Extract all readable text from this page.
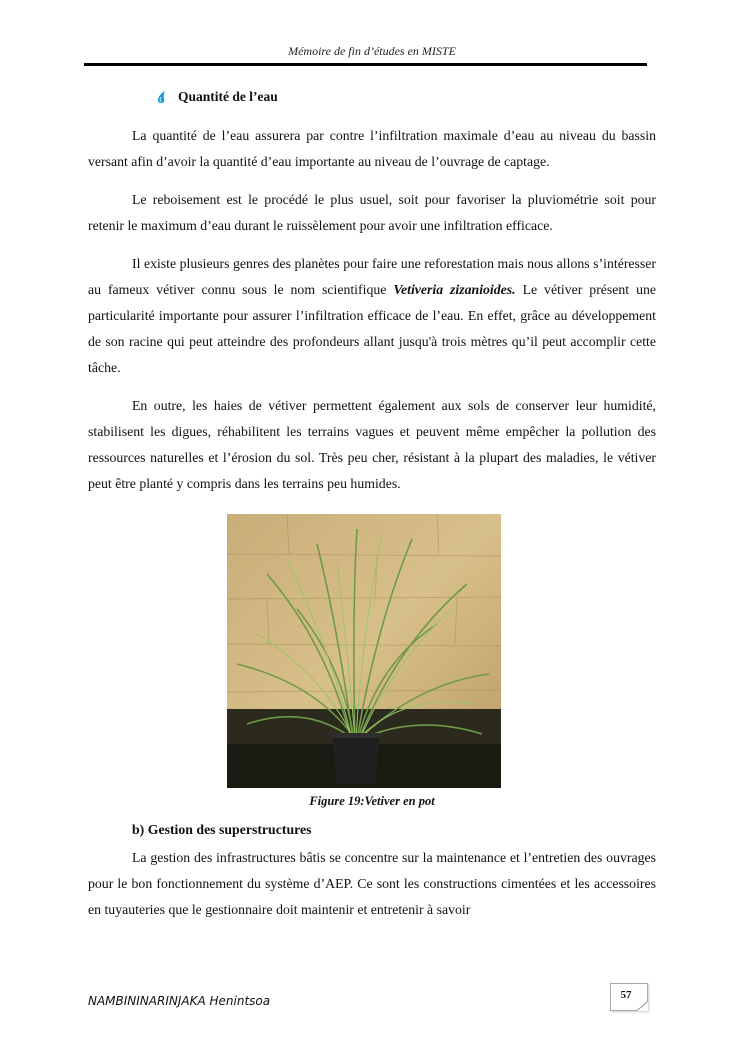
Mémoire de fin d’études en MISTE
Quantité de l’eau

La quantité de l’eau assurera par contre l’infiltration maximale d’eau au niveau du bassin versant afin d’avoir la quantité d’eau importante au niveau de l’ouvrage de captage.

Le reboisement est le procédé le plus usuel, soit pour favoriser la pluviométrie soit pour retenir le maximum d’eau durant le ruissèlement pour avoir une infiltration efficace.

Il existe plusieurs genres des planètes pour faire une reforestation mais nous allons s’intéresser au fameux vétiver connu sous le nom scientifique Vetiveria zizanioides. Le vétiver présent une particularité importante pour assurer l’infiltration efficace de l’eau. En effet, grâce au développement de son racine qui peut atteindre des profondeurs allant jusqu'à trois mètres qu’il peut accomplir cette tâche.

En outre, les haies de vétiver permettent également aux sols de conserver leur humidité, stabilisent les digues, réhabilitent les terrains vagues et peuvent même empêcher la pollution des ressources naturelles et l’érosion du sol. Très peu cher, résistant à la plupart des maladies, le vétiver peut être planté y compris dans les terrains peu humides.

Figure 19:Vetiver en pot
b) Gestion des superstructures

La gestion des infrastructures bâtis se concentre sur la maintenance et l’entretien des ouvrages pour le bon fonctionnement du système d’AEP. Ce sont les constructions cimentées et les accessoires en tuyauteries que le gestionnaire doit maintenir et entretenir à savoir

NAMBININARINJAKA Henintsoa	57
